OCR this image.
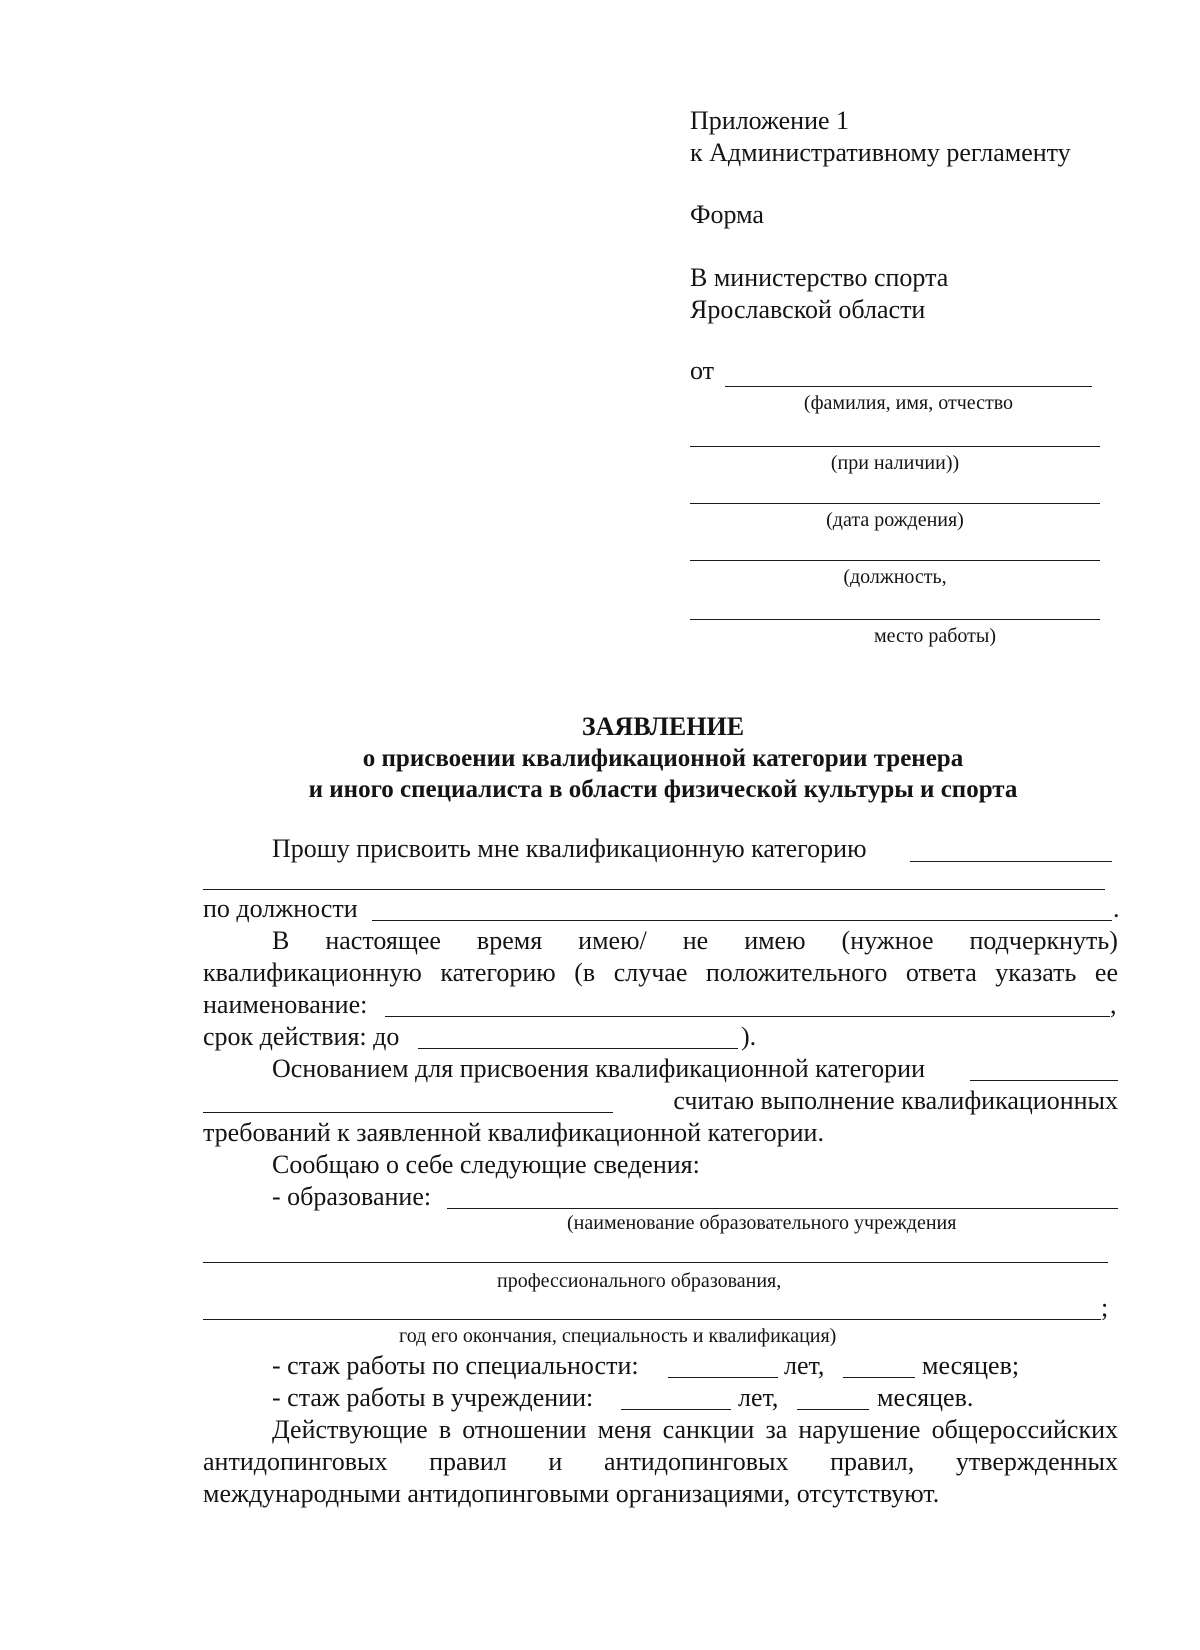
Приложение 1
к Административному регламенту
Форма
В министерство спорта
Ярославской области
от
(фамилия, имя, отчество
(при наличии))
(дата рождения)
(должность,
место работы)
ЗАЯВЛЕНИЕ
о присвоении квалификационной категории тренера
и иного специалиста в области физической культуры и спорта
Прошу присвоить мне квалификационную категорию
по должности	.
В настоящее время имею/ не имею (нужное подчеркнуть)
квалификационную категорию (в случае положительного ответа указать ее
наименование:	,
срок действия: до	).
Основанием для присвоения квалификационной категории
считаю выполнение квалификационных
требований к заявленной квалификационной категории.
Сообщаю о себе следующие сведения:
- образование:
(наименование образовательного учреждения
профессионального образования,
;
год его окончания, специальность и квалификация)
- стаж работы по специальности:	лет,	месяцев;
- стаж работы в учреждении:	лет,	месяцев.
Действующие в отношении меня санкции за нарушение общероссийских
антидопинговых правил и антидопинговых правил, утвержденных
международными антидопинговыми организациями, отсутствуют.
